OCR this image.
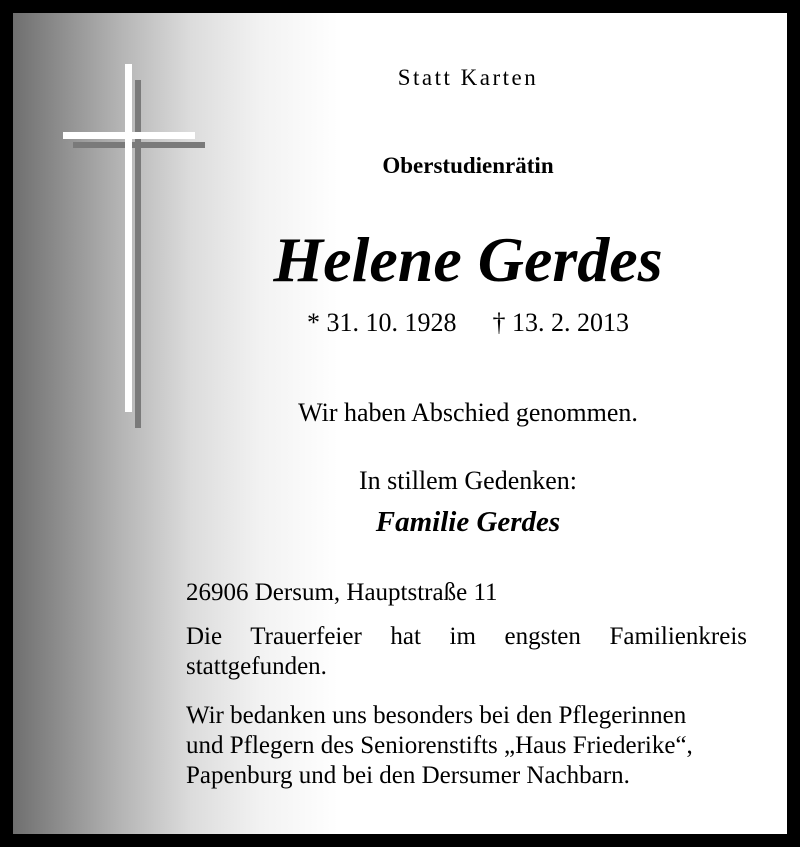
Statt Karten

Oberstudienrätin

Helene Gerdes

* 31. 10. 1928 † 13. 2. 2013

Wir haben Abschied genommen.

In stillem Gedenken:

Familie Gerdes

26906 Dersum, Hauptstraße 11

Die Trauerfeier hat im engsten Familienkreis stattgefunden.

Wir bedanken uns besonders bei den Pflegerinnen
und Pflegern des Seniorenstifts „Haus Friederike“,
Papenburg und bei den Dersumer Nachbarn.
